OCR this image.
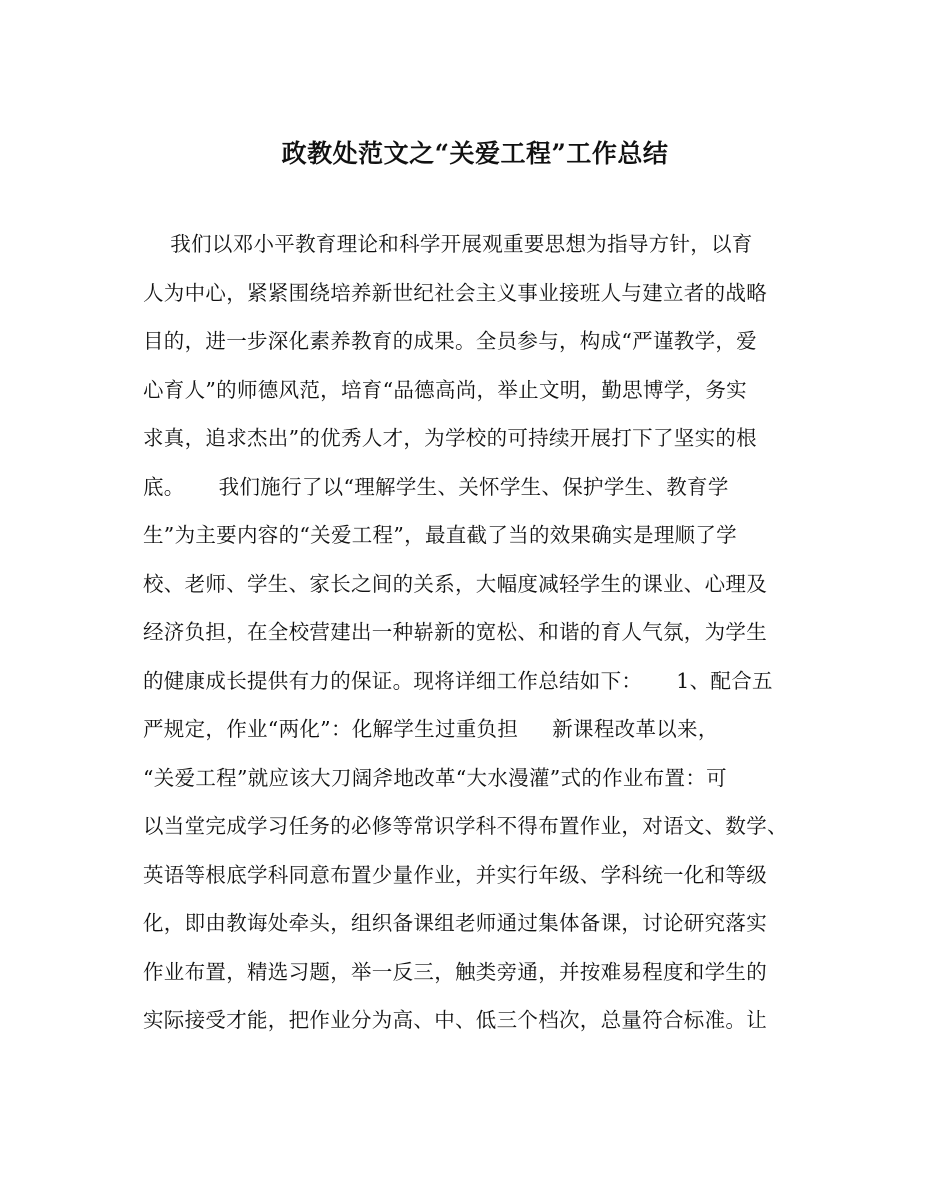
政教处范文之“关爱工程”工作总结
我们以邓小平教育理论和科学开展观重要思想为指导方针，以育
人为中心，紧紧围绕培养新世纪社会主义事业接班人与建立者的战略
目的，进一步深化素养教育的成果。全员参与，构成“严谨教学，爱
心育人”的师德风范，培育“品德高尚，举止文明，勤思博学，务实
求真，追求杰出”的优秀人才，为学校的可持续开展打下了坚实的根
底。     我们施行了以“理解学生、关怀学生、保护学生、教育学
生”为主要内容的“关爱工程”，最直截了当的效果确实是理顺了学
校、老师、学生、家长之间的关系，大幅度减轻学生的课业、心理及
经济负担，在全校营建出一种崭新的宽松、和谐的育人气氛，为学生
的健康成长提供有力的保证。现将详细工作总结如下：     1、配合五
严规定，作业“两化”：化解学生过重负担     新课程改革以来，
“关爱工程”就应该大刀阔斧地改革“大水漫灌”式的作业布置：可
以当堂完成学习任务的必修等常识学科不得布置作业，对语文、数学、
英语等根底学科同意布置少量作业，并实行年级、学科统一化和等级
化，即由教诲处牵头，组织备课组老师通过集体备课，讨论研究落实
作业布置，精选习题，举一反三，触类旁通，并按难易程度和学生的
实际接受才能，把作业分为高、中、低三个档次，总量符合标准。让
